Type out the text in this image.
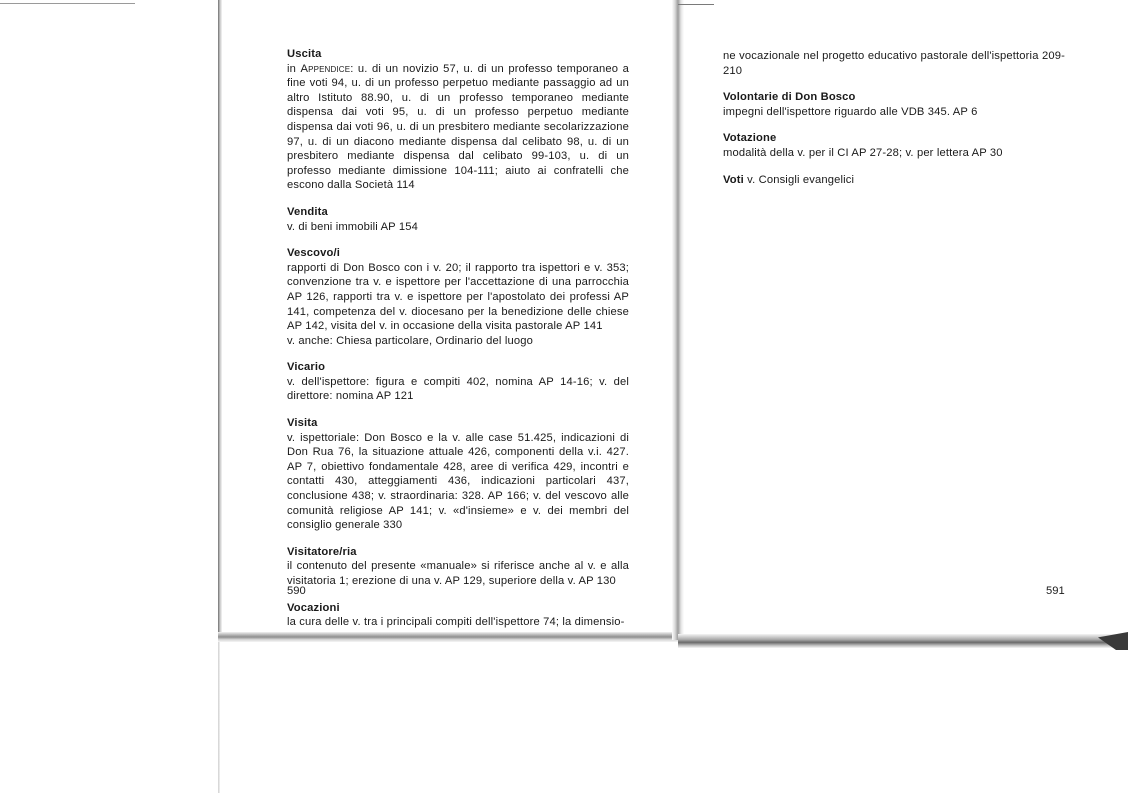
Uscita
in Appendice: u. di un novizio 57, u. di un professo temporaneo a fine voti 94, u. di un professo perpetuo mediante passaggio ad un altro Istituto 88.90, u. di un professo temporaneo mediante dispensa dai voti 95, u. di un professo perpetuo mediante dispensa dai voti 96, u. di un presbitero mediante secolarizzazione 97, u. di un diacono mediante dispensa dal celibato 98, u. di un presbitero mediante dispensa dal celibato 99-103, u. di un professo mediante dimissione 104-111; aiuto ai confratelli che escono dalla Società 114
Vendita
v. di beni immobili AP 154
Vescovo/i
rapporti di Don Bosco con i v. 20; il rapporto tra ispettori e v. 353; convenzione tra v. e ispettore per l'accettazione di una parrocchia AP 126, rapporti tra v. e ispettore per l'apostolato dei professi AP 141, competenza del v. diocesano per la benedizione delle chiese AP 142, visita del v. in occasione della visita pastorale AP 141
v. anche: Chiesa particolare, Ordinario del luogo
Vicario
v. dell'ispettore: figura e compiti 402, nomina AP 14-16; v. del direttore: nomina AP 121
Visita
v. ispettoriale: Don Bosco e la v. alle case 51.425, indicazioni di Don Rua 76, la situazione attuale 426, componenti della v.i. 427. AP 7, obiettivo fondamentale 428, aree di verifica 429, incontri e contatti 430, atteggiamenti 436, indicazioni particolari 437, conclusione 438; v. straordinaria: 328. AP 166; v. del vescovo alle comunità religiose AP 141; v. «d'insieme» e v. dei membri del consiglio generale 330
Visitatore/ria
il contenuto del presente «manuale» si riferisce anche al v. e alla visitatoria 1; erezione di una v. AP 129, superiore della v. AP 130
Vocazioni
la cura delle v. tra i principali compiti dell'ispettore 74; la dimensio-
590
ne vocazionale nel progetto educativo pastorale dell'ispettoria 209-210
Volontarie di Don Bosco
impegni dell'ispettore riguardo alle VDB 345. AP 6
Votazione
modalità della v. per il CI AP 27-28; v. per lettera AP 30
Voti v. Consigli evangelici
591
